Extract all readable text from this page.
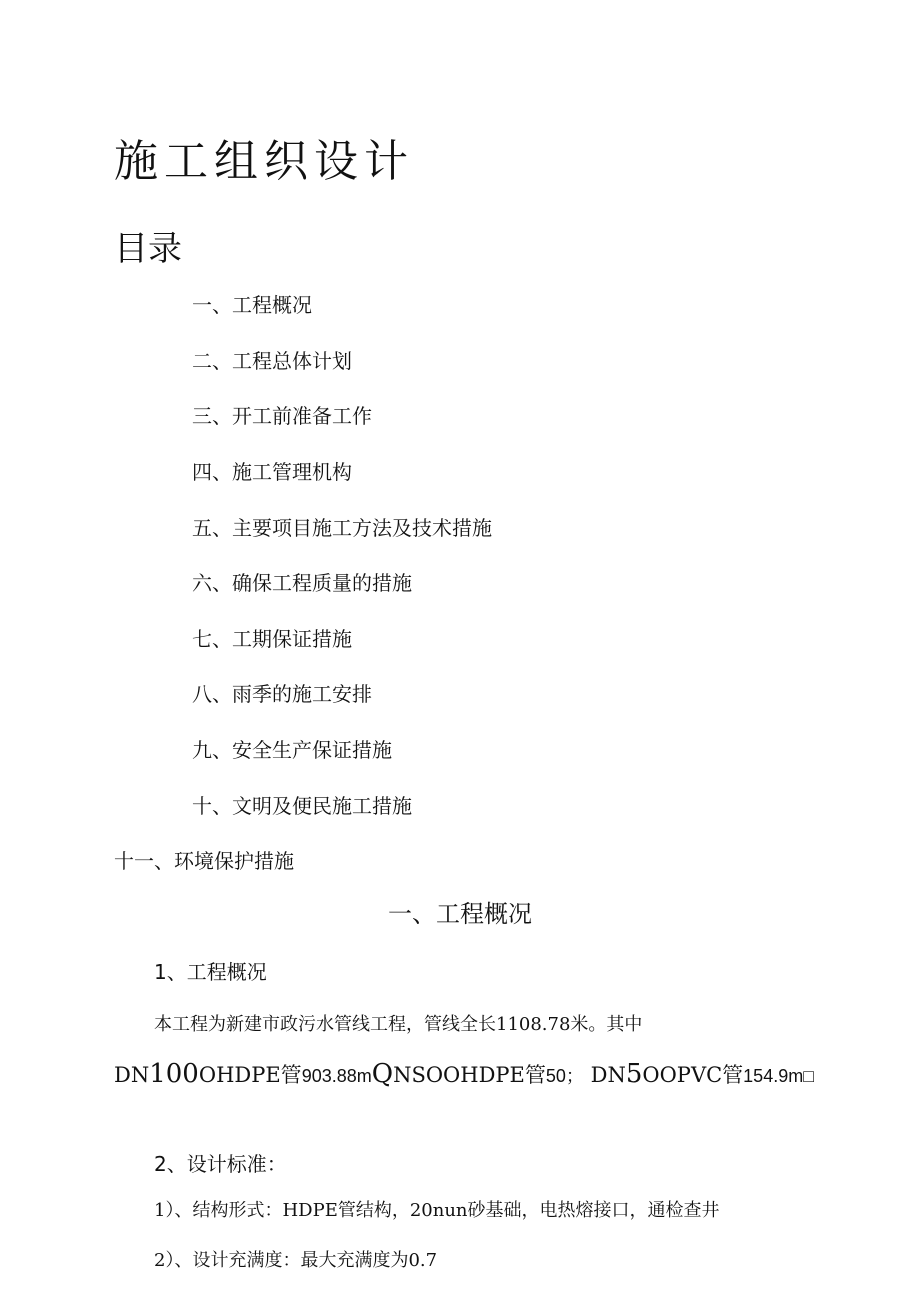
施工组织设计
目录
一、工程概况
二、工程总体计划
三、开工前准备工作
四、施工管理机构
五、主要项目施工方法及技术措施
六、确保工程质量的措施
七、工期保证措施
八、雨季的施工安排
九、安全生产保证措施
十、文明及便民施工措施
十一、环境保护措施
一、工程概况
1、工程概况
本工程为新建市政污水管线工程，管线全长1108.78米。其中
DN100OHDPE管903.88mQNSOOHDPE管50； DN5OOPVC管154.9m□
2、设计标准：
1）、结构形式：HDPE管结构，20nun砂基础，电热熔接口，通检查井
2）、设计充满度：最大充满度为0.7
